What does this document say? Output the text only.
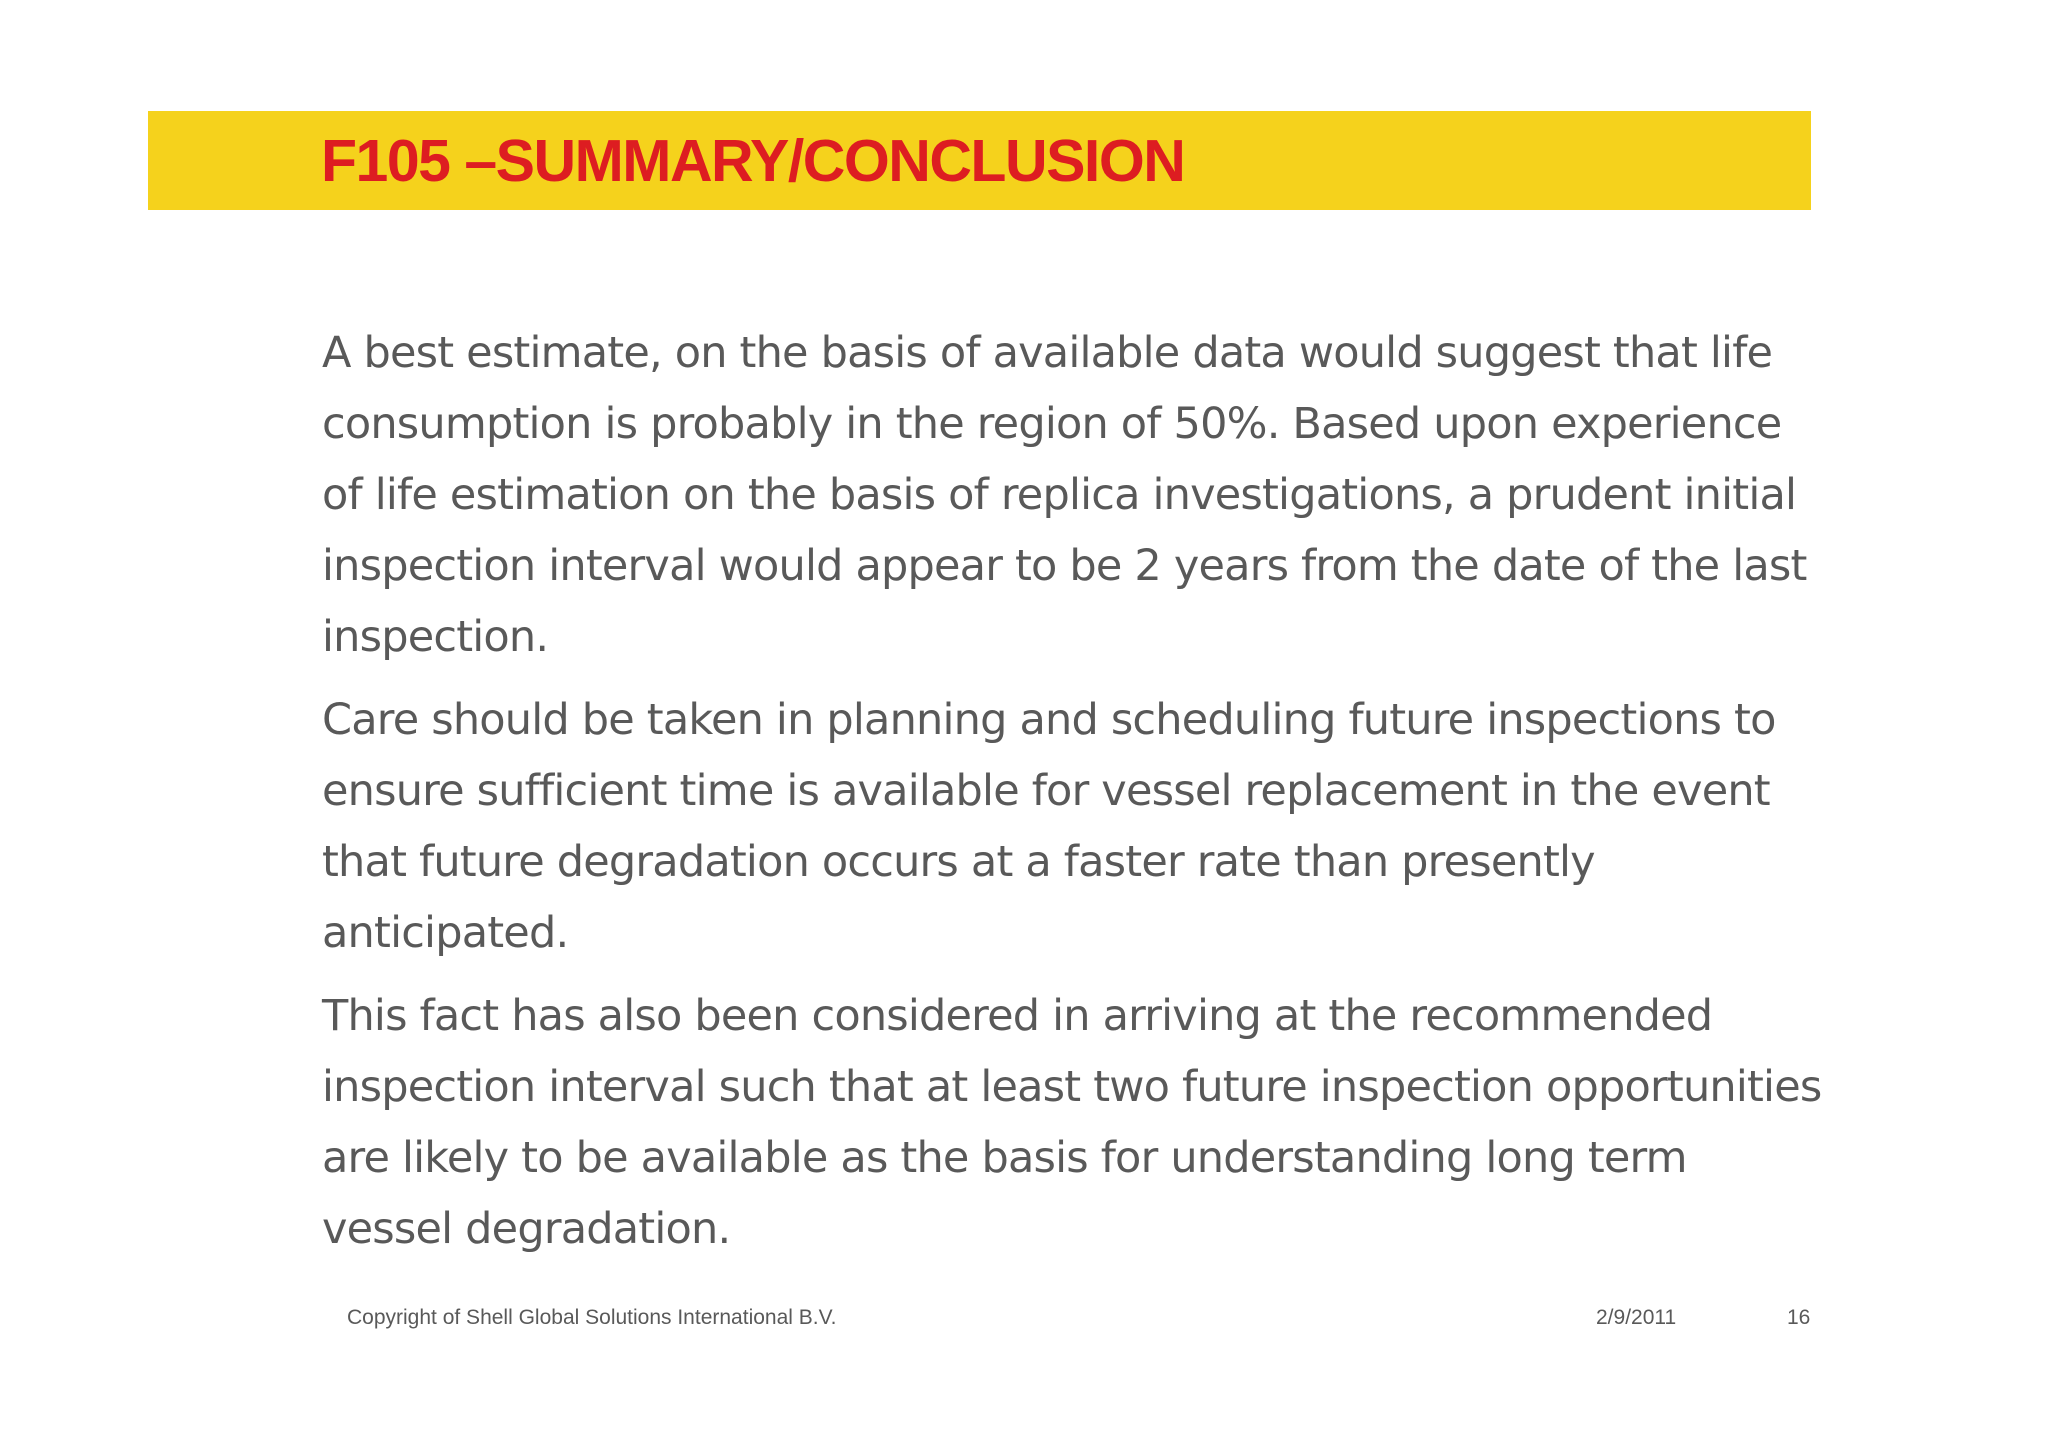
F105 –SUMMARY/CONCLUSION

A best estimate, on the basis of available data would suggest that life consumption is probably in the region of 50%. Based upon experience of life estimation on the basis of replica investigations, a prudent initial inspection interval would appear to be 2 years from the date of the last inspection.

Care should be taken in planning and scheduling future inspections to ensure sufficient time is available for vessel replacement in the event that future degradation occurs at a faster rate than presently anticipated.

This fact has also been considered in arriving at the recommended inspection interval such that at least two future inspection opportunities are likely to be available as the basis for understanding long term vessel degradation.

Copyright of Shell Global Solutions International B.V.	2/9/2011	16
